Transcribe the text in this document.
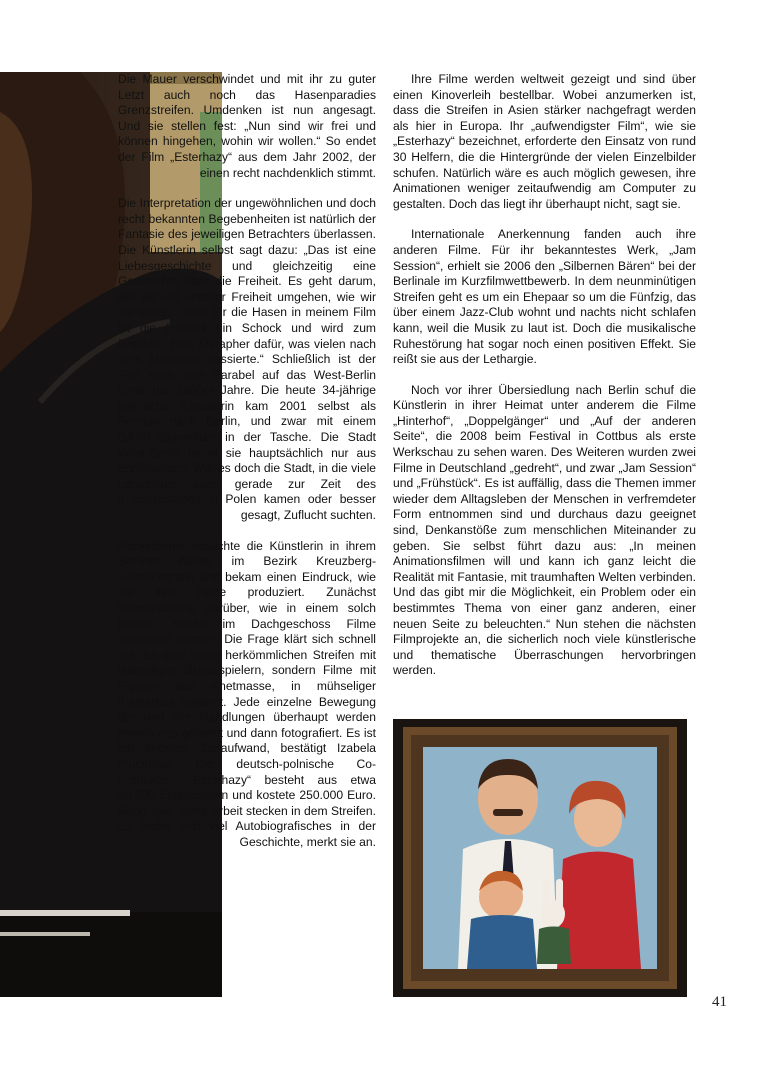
Die Mauer verschwindet und mit ihr zu guter Letzt auch noch das Hasenparadies Grenzstreifen. Umdenken ist nun angesagt. Und sie stellen fest: „Nun sind wir frei und können hingehen, wohin wir wollen.“ So endet der Film „Esterhazy“ aus dem Jahr 2002, der einen recht nachdenklich stimmt.

Die Interpretation der ungewöhnlichen und doch recht bekannten Begebenheiten ist natürlich der Fantasie des jeweiligen Betrachters überlassen. Die Künstlerin selbst sagt dazu: „Das ist eine Liebesgeschichte und gleichzeitig eine Geschichte über die Freiheit. Es geht darum, wie wir mit unserer Freiheit umgehen, wie wir sie sehen. Denn für die Hasen in meinem Film ist die Freiheit ein Schock und wird zum Problem. Eine Metapher dafür, was vielen nach dem Mauerfall passierte.“ Schließlich ist der Film auch eine Parabel auf das West-Berlin Ende der 1980er Jahre. Die heute 34-jährige polnische Künstlerin kam 2001 selbst als Fremde nach Berlin, und zwar mit einem DAAD-Stipendium in der Tasche. Die Stadt West-Berlin kennt sie hauptsächlich nur aus Erzählungen. War es doch die Stadt, in die viele Landsleute auch gerade zur Zeit des Kriegszustands in Polen kamen oder besser gesagt, Zuflucht suchten.

Rockinberlin besuchte die Künstlerin in ihrem Berliner Atelier im Bezirk Kreuzberg-Friedrichshain und bekam einen Eindruck, wie sie ihre Filme produziert. Zunächst Verwunderung darüber, wie in einem solch kleinen Studio im Dachgeschoss Filme entstehen können. Die Frage klärt sich schnell auf. Es sind keine herkömmlichen Streifen mit lebendigen Schauspielern, sondern Filme mit Figuren aus Knetmasse, in mühseliger Kleinarbeit geformt. Jede einzelne Bewegung der und alle Handlungen überhaupt werden jeweils neu geformt und dann fotografiert. Es ist ein enormer Zeitaufwand, bestätigt Izabela Plucinska. Die deutsch-polnische Co-Produktion „Esterhazy“ besteht aus etwa 40.000 Einzelbildern und kostete 250.000 Euro. Rund zwei Jahre Arbeit stecken in dem Streifen. Es findet sich viel Autobiografisches in der Geschichte, merkt sie an.

Ihre Filme werden weltweit gezeigt und sind über einen Kinoverleih bestellbar. Wobei anzumerken ist, dass die Streifen in Asien stärker nachgefragt werden als hier in Europa. Ihr „aufwendigster Film“, wie sie „Esterhazy“ bezeichnet, erforderte den Einsatz von rund 30 Helfern, die die Hintergründe der vielen Einzelbilder schufen. Natürlich wäre es auch möglich gewesen, ihre Animationen weniger zeitaufwendig am Computer zu gestalten. Doch das liegt ihr überhaupt nicht, sagt sie.

Internationale Anerkennung fanden auch ihre anderen Filme. Für ihr bekanntestes Werk, „Jam Session“, erhielt sie 2006 den „Silbernen Bären“ bei der Berlinale im Kurzfilmwettbewerb. In dem neunminütigen Streifen geht es um ein Ehepaar so um die Fünfzig, das über einem Jazz-Club wohnt und nachts nicht schlafen kann, weil die Musik zu laut ist. Doch die musikalische Ruhestörung hat sogar noch einen positiven Effekt. Sie reißt sie aus der Lethargie.

Noch vor ihrer Übersiedlung nach Berlin schuf die Künstlerin in ihrer Heimat unter anderem die Filme „Hinterhof“, „Doppelgänger“ und „Auf der anderen Seite“, die 2008 beim Festival in Cottbus als erste Werkschau zu sehen waren. Des Weiteren wurden zwei Filme in Deutschland „gedreht“, und zwar „Jam Session“ und „Frühstück“. Es ist auffällig, dass die Themen immer wieder dem Alltagsleben der Menschen in verfremdeter Form entnommen sind und durchaus dazu geeignet sind, Denkanstöße zum menschlichen Miteinander zu geben. Sie selbst führt dazu aus: „In meinen Animationsfilmen will und kann ich ganz leicht die Realität mit Fantasie, mit traumhaften Welten verbinden. Und das gibt mir die Möglichkeit, ein Problem oder ein bestimmtes Thema von einer ganz anderen, einer neuen Seite zu beleuchten.“ Nun stehen die nächsten Filmprojekte an, die sicherlich noch viele künstlerische und thematische Überraschungen hervorbringen werden.

41
